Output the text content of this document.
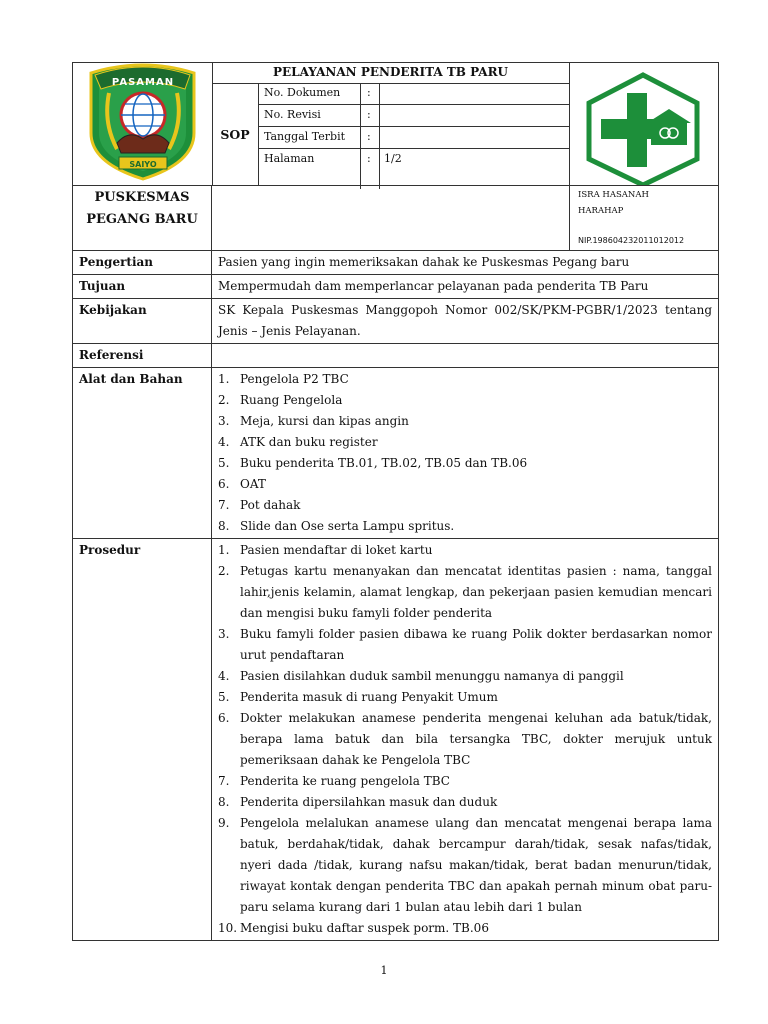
PASAMAN
SAIYO
PELAYANAN PENDERITA TB PARU
SOP
No. Dokumen	:
No. Revisi	:
Tanggal Terbit	:
Halaman	:	1/2
PUSKESMAS
PEGANG BARU
ISRA HASANAH
HARAHAP
NIP.198604232011012012
Pengertian	Pasien yang ingin memeriksakan dahak ke Puskesmas Pegang baru
Tujuan	Mempermudah dam memperlancar pelayanan pada penderita TB Paru
Kebijakan	SK Kepala Puskesmas Manggopoh Nomor 002/SK/PKM-PGBR/1/2023 tentang Jenis – Jenis Pelayanan.
Referensi
Alat dan Bahan	1. Pengelola P2 TBC
2. Ruang Pengelola
3. Meja, kursi dan kipas angin
4. ATK dan buku register
5. Buku penderita TB.01, TB.02, TB.05 dan TB.06
6. OAT
7. Pot dahak
8. Slide dan Ose serta Lampu spritus.
Prosedur	1. Pasien mendaftar di loket kartu
2. Petugas kartu menanyakan dan mencatat identitas pasien : nama, tanggal lahir,jenis kelamin, alamat lengkap, dan pekerjaan pasien kemudian mencari dan mengisi buku famyli folder penderita
3. Buku famyli folder pasien dibawa ke ruang Polik dokter berdasarkan nomor urut pendaftaran
4. Pasien disilahkan duduk sambil menunggu namanya di panggil
5. Penderita masuk di ruang Penyakit Umum
6. Dokter melakukan anamese penderita mengenai keluhan ada batuk/tidak, berapa lama batuk dan bila tersangka TBC, dokter merujuk untuk pemeriksaan dahak ke Pengelola TBC
7. Penderita ke ruang pengelola TBC
8. Penderita dipersilahkan masuk dan duduk
9. Pengelola melalukan anamese ulang dan mencatat mengenai berapa lama batuk, berdahak/tidak, dahak bercampur darah/tidak, sesak nafas/tidak, nyeri dada /tidak, kurang nafsu makan/tidak, berat badan menurun/tidak, riwayat kontak dengan penderita TBC dan apakah pernah minum obat paru-paru selama kurang dari 1 bulan atau lebih dari 1 bulan
10. Mengisi buku daftar suspek porm. TB.06
1
